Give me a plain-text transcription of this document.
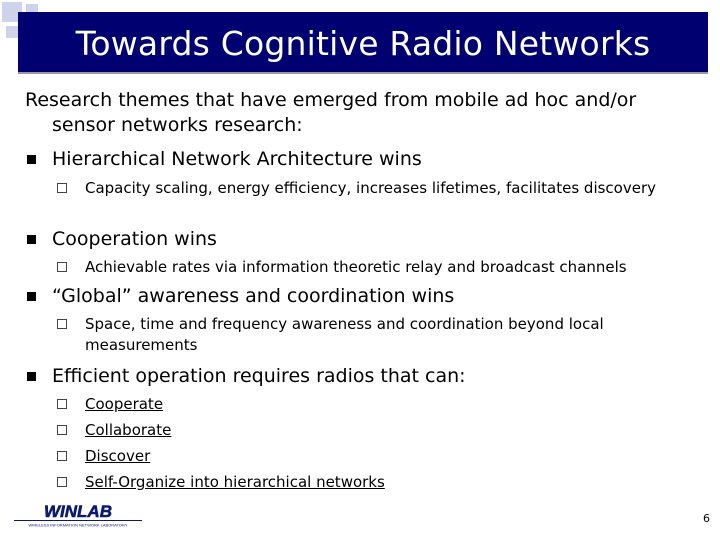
Towards Cognitive Radio Networks
Research themes that have emerged from mobile ad hoc and/or
sensor networks research:
Hierarchical Network Architecture wins
Capacity scaling, energy efficiency, increases lifetimes, facilitates discovery
Cooperation wins
Achievable rates via information theoretic relay and broadcast channels
“Global” awareness and coordination wins
Space, time and frequency awareness and coordination beyond local measurements
Efficient operation requires radios that can:
Cooperate
Collaborate
Discover
Self-Organize into hierarchical networks
WINLAB
WIRELESS INFORMATION NETWORK LABORATORY	6
